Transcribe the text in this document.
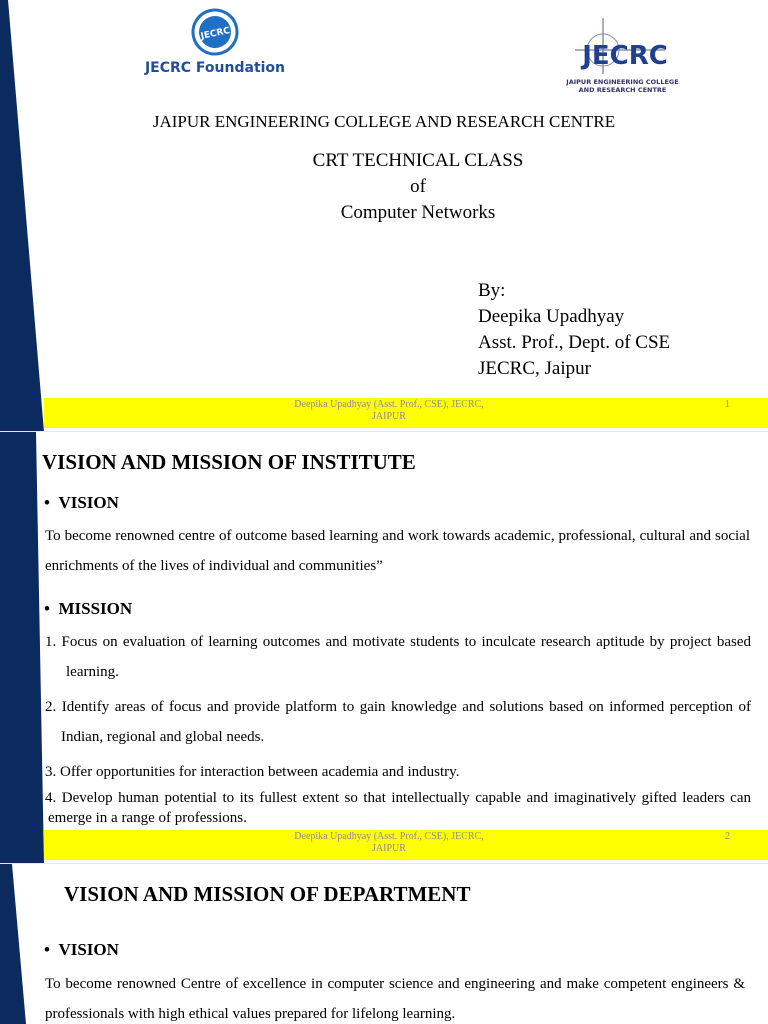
JECRC
JECRC Foundation	JECRC
JAIPUR ENGINEERING COLLEGE
AND RESEARCH CENTRE
JAIPUR ENGINEERING COLLEGE AND RESEARCH CENTRE
CRT TECHNICAL CLASS
of
Computer Networks
By:
Deepika Upadhyay
Asst. Prof., Dept. of CSE
JECRC, Jaipur
Deepika Upadhyay (Asst. Prof., CSE), JECRC,
JAIPUR
1
VISION AND MISSION OF INSTITUTE
•  VISION
To become renowned centre of outcome based learning and work towards academic, professional, cultural and social enrichments of the lives of individual and communities”
•  MISSION
1. Focus on evaluation of learning outcomes and motivate students to inculcate research aptitude by project based learning.
2. Identify areas of focus and provide platform to gain knowledge and solutions based on informed perception of Indian, regional and global needs.
3. Offer opportunities for interaction between academia and industry.
4. Develop human potential to its fullest extent so that intellectually capable and imaginatively gifted leaders can emerge in a range of professions.
Deepika Upadhyay (Asst. Prof., CSE), JECRC,
JAIPUR
2
VISION AND MISSION OF DEPARTMENT
•  VISION
To become renowned Centre of excellence in computer science and engineering and make competent engineers & professionals with high ethical values prepared for lifelong learning.
